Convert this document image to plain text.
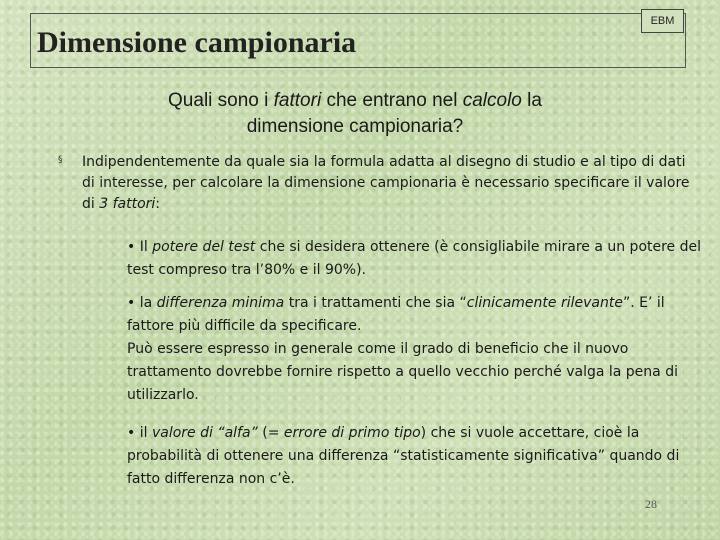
Dimensione campionaria
EBM
Quali sono i fattori che entrano nel calcolo la dimensione campionaria?
§ Indipendentemente da quale sia la formula adatta al disegno di studio e al tipo di dati di interesse, per calcolare la dimensione campionaria è necessario specificare il valore di 3 fattori:
• Il potere del test che si desidera ottenere (è consigliabile mirare a un potere del test compreso tra l’80% e il 90%).
• la differenza minima tra i trattamenti che sia “clinicamente rilevante”. E’ il fattore più difficile da specificare.
Può essere espresso in generale come il grado di beneficio che il nuovo trattamento dovrebbe fornire rispetto a quello vecchio perché valga la pena di utilizzarlo.
• il valore di “alfa” (= errore di primo tipo) che si vuole accettare, cioè la probabilità di ottenere una differenza “statisticamente significativa” quando di fatto differenza non c’è.
28
